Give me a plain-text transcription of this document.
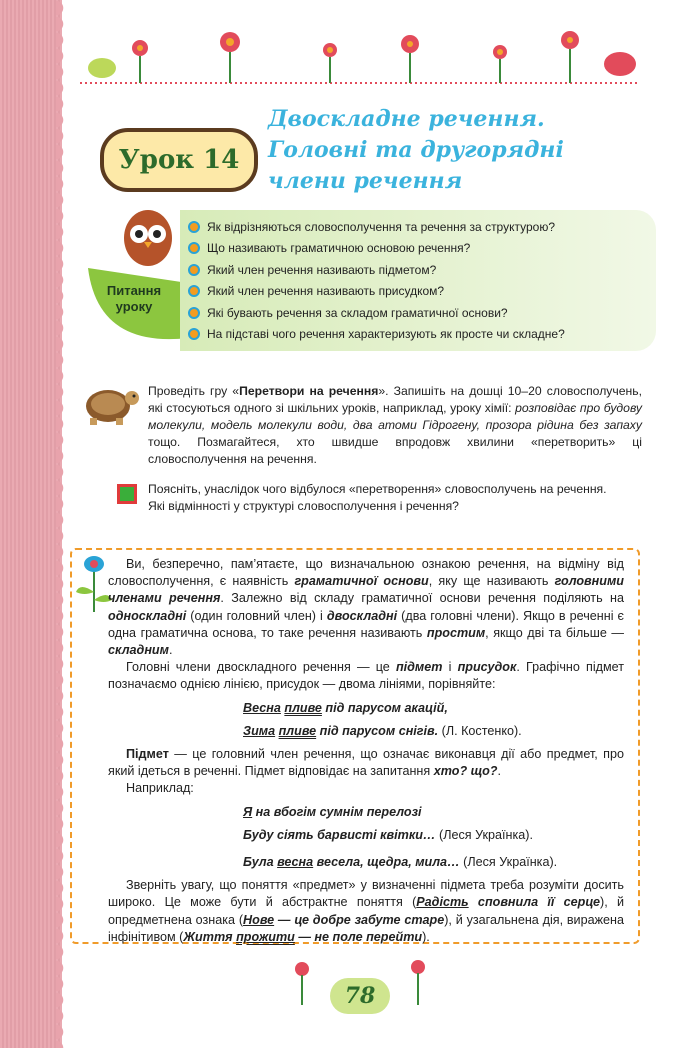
Урок 14
Двоскладне речення.
Головні та другорядні
члени речення
Питання уроку
Як відрізняються словосполучення та речення за структурою?
Що називають граматичною основою речення?
Який член речення називають підметом?
Який член речення називають присудком?
Які бувають речення за складом граматичної основи?
На підставі чого речення характеризують як просте чи складне?
Проведіть гру «Перетвори на речення». Запишіть на дошці 10–20 словосполучень, які стосуються одного зі шкільних уроків, наприклад, уроку хімії: розповідає про будову молекули, модель молекули води, два атоми Гідрогену, прозора рідина без запаху тощо. Позмагайтеся, хто швидше впродовж хвилини «перетворить» ці словосполучення на речення.
Поясніть, унаслідок чого відбулося «перетворення» словосполучень на речення.
Які відмінності у структурі словосполучення і речення?

Ви, безперечно, пам’ятаєте, що визначальною ознакою речення, на відміну від словосполучення, є наявність граматичної основи, яку ще називають головними членами речення. Залежно від складу граматичної основи речення поділяють на односкладні (один головний член) і двоскладні (два головні члени). Якщо в реченні є одна граматична основа, то таке речення називають простим, якщо дві та більше — складним.

Головні члени двоскладного речення — це підмет і присудок. Графічно підмет позначаємо однією лінією, присудок — двома лініями, порівняйте:

Весна пливе під парусом акацій,

Зима пливе під парусом снігів. (Л. Костенко).

Підмет — це головний член речення, що означає виконавця дії або предмет, про який ідеться в реченні. Підмет відповідає на запитання хто? що?.

Наприклад:

Я на вбогім сумнім перелозі

Буду сіять барвисті квітки… (Леся Українка).

Була весна весела, щедра, мила… (Леся Українка).

Зверніть увагу, що поняття «предмет» у визначенні підмета треба розуміти досить широко. Це може бути й абстрактне поняття (Радість сповнила її серце), й опредметнена ознака (Нове — це добре забуте старе), й узагальнена дія, виражена інфінітивом (Життя прожити — не поле перейти).

78
